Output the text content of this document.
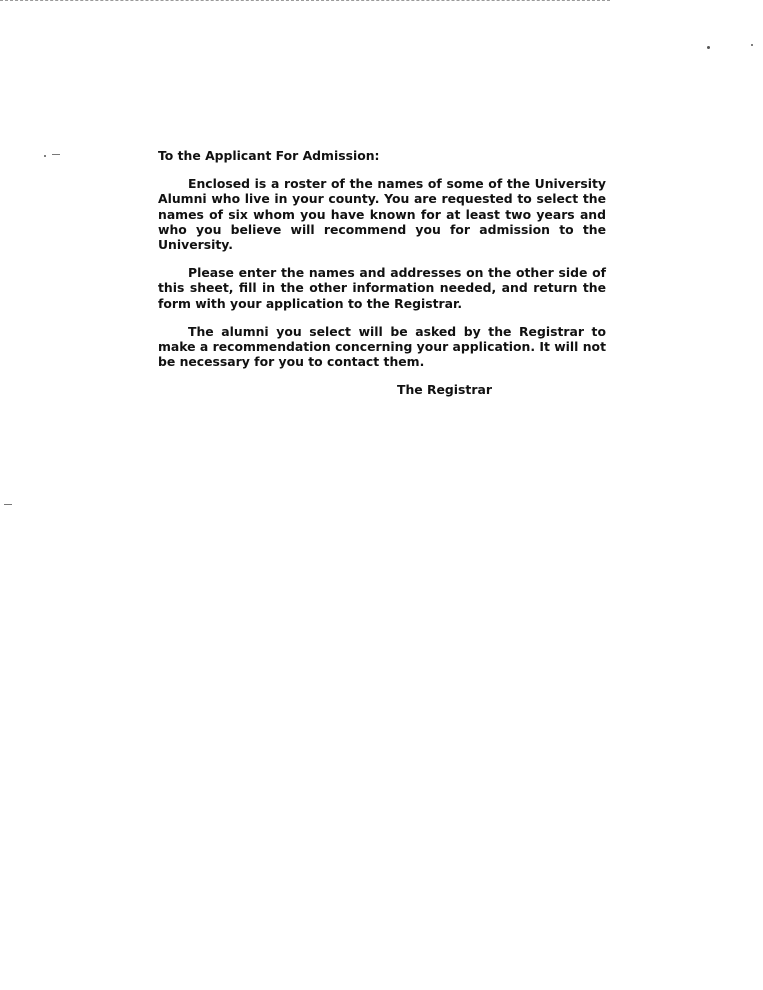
To the Applicant For Admission:

Enclosed is a roster of the names of some of the University Alumni who live in your county. You are requested to select the names of six whom you have known for at least two years and who you believe will recommend you for admission to the University.

Please enter the names and addresses on the other side of this sheet, fill in the other information needed, and return the form with your application to the Registrar.

The alumni you select will be asked by the Registrar to make a recommendation concerning your application. It will not be necessary for you to contact them.

The Registrar
